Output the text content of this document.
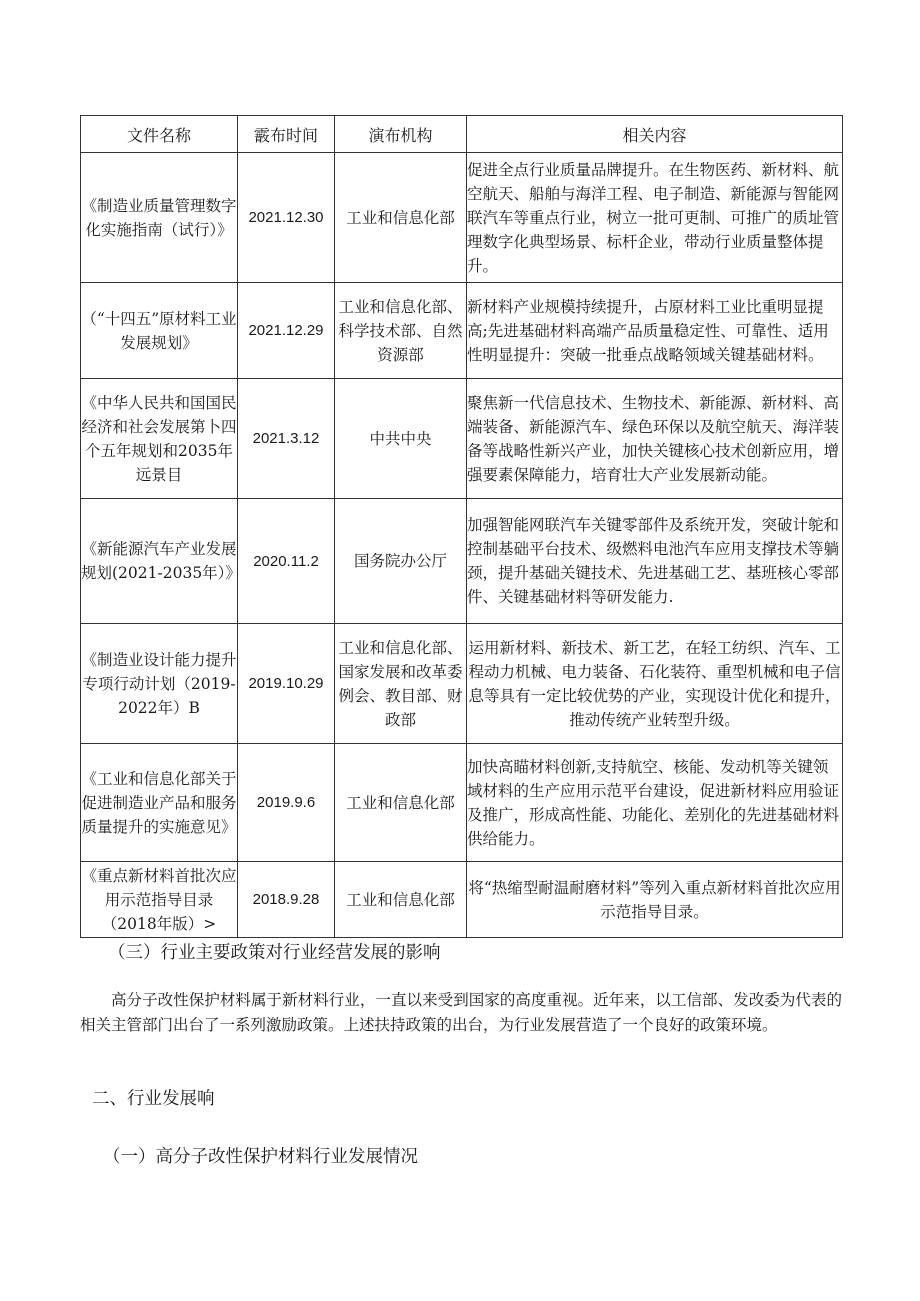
文件名称	霰布时间	演布机构	相关内容
《制造业质量管理数字化实施指南（试行）》	2021.12.30	工业和信息化部	促进全点行业质量品牌提升。在生物医药、新材料、航空航天、船舶与海洋工程、电子制造、新能源与智能网联汽车等重点行业，树立一批可更制、可推广的质址管理数字化典型场景、标杆企业，带动行业质量整体提升。
（“十四五”原材料工业发展规划》	2021.12.29	工业和信息化部、科学技术部、自然资源部	新材料产业规模持续提升，占原材料工业比重明显提高;先进基础材料高端产品质量稳定性、可靠性、适用性明显提升：突破一批垂点战略领域关键基础材料。
《中华人民共和国国民经济和社会发展第卜四个五年规划和2035年远景目	2021.3.12	中共中央	聚焦新一代信息技术、生物技术、新能源、新材料、高端装备、新能源汽车、绿色环保以及航空航天、海洋装备等战略性新兴产业，加快关键核心技术创新应用，增强要素保障能力，培育壮大产业发展新动能。
《新能源汽车产业发展规划(2021-2035年）》	2020.11.2	国务院办公厅	加强智能网联汽车关键零部件及系统开发，突破计鸵和控制基础平台技术、级燃料电池汽车应用支撑技术等躺颈，提升基础关键技术、先进基础工艺、基班核心零部件、关键基础材料等研发能力.
《制造业设计能力提升专项行动计划（2019-2022年）B	2019.10.29	工业和信息化部、国家发展和改革委例会、教目部、财政部	运用新材料、新技术、新工艺，在轻工纺织、汽车、工程动力机械、电力装备、石化装符、重型机械和电子信息等具有一定比较优势的产业，实现设计优化和提升，推动传统产业转型升级。
《工业和信息化部关于促进制造业产品和服务质量提升的实施意见》	2019.9.6	工业和信息化部	加快高瞄材料创新,支持航空、核能、发动机等关键领域材料的生产应用示范平台建设，促进新材料应用验证及推广，形成高性能、功能化、差别化的先进基础材料供给能力。
《重点新材料首批次应用示范指导目录（2018年版）>	2018.9.28	工业和信息化部	将“热缩型耐温耐磨材料”等列入重点新材料首批次应用示范指导目录。
（三）行业主要政策对行业经营发展的影响
高分子改性保护材料属于新材料行业，一直以来受到国家的高度重视。近年来，以工信部、发改委为代表的相关主管部门出台了一系列激励政策。上述扶持政策的出台，为行业发展营造了一个良好的政策环境。
二、行业发展响
（一）高分子改性保护材料行业发展情况
